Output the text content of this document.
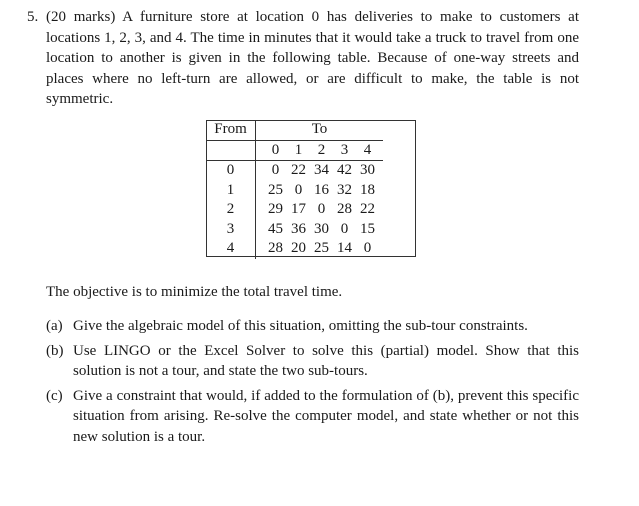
5. (20 marks) A furniture store at location 0 has deliveries to make to customers at locations 1, 2, 3, and 4. The time in minutes that it would take a truck to travel from one location to another is given in the following table. Because of one-way streets and places where no left-turn are allowed, or are difficult to make, the table is not symmetric.

From	To				
	0	1	2	3	4
0	0	22	34	42	30
1	25	0	16	32	18
2	29	17	0	28	22
3	45	36	30	0	15
4	28	20	25	14	0

The objective is to minimize the total travel time.

(a) Give the algebraic model of this situation, omitting the sub-tour constraints.
(b) Use LINGO or the Excel Solver to solve this (partial) model. Show that this solution is not a tour, and state the two sub-tours.
(c) Give a constraint that would, if added to the formulation of (b), prevent this specific situation from arising. Re-solve the computer model, and state whether or not this new solution is a tour.
